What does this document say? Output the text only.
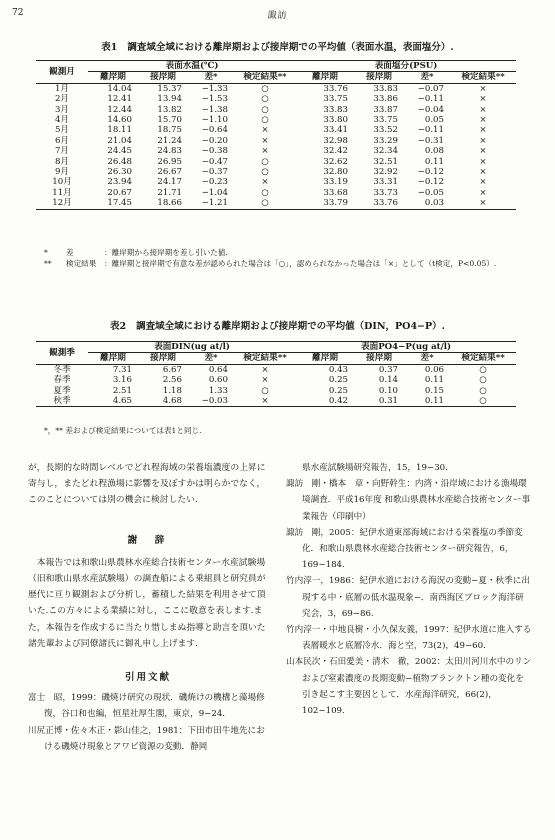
72	諏訪
表1 調査域全域における離岸期および接岸期での平均値（表面水温，表面塩分）.
観測月	表面水温(℃)				表面塩分(PSU)			
	離岸期	接岸期	差*	検定結果**	離岸期	接岸期	差*	検定結果**
1月	14.04	15.37	−1.33	○	33.76	33.83	−0.07	×
2月	12.41	13.94	−1.53	○	33.75	33.86	−0.11	×
3月	12.44	13.82	−1.38	○	33.83	33.87	−0.04	×
4月	14.60	15.70	−1.10	○	33.80	33.75	0.05	×
5月	18.11	18.75	−0.64	×	33.41	33.52	−0.11	×
6月	21.04	21.24	−0.20	×	32.98	33.29	−0.31	×
7月	24.45	24.83	−0.38	×	32.42	32.34	0.08	×
8月	26.48	26.95	−0.47	○	32.62	32.51	0.11	×
9月	26.30	26.67	−0.37	○	32.80	32.92	−0.12	×
10月	23.94	24.17	−0.23	×	33.19	33.31	−0.12	×
11月	20.67	21.71	−1.04	○	33.68	33.73	−0.05	×
12月	17.45	18.66	−1.21	○	33.79	33.76	0.03	×
* 差	：離岸期から接岸期を差し引いた値.
** 検定結果 ：離岸期と接岸期で有意な差が認められた場合は「○」，認められなかった場合は「×」として（t検定，P<0.05）.
表2 調査域全域における離岸期および接岸期での平均値（DIN，PO4−P）.
観測季	表面DIN(ug at/l)				表面PO4−P(ug at/l)			
	離岸期	接岸期	差*	検定結果**	離岸期	接岸期	差*	検定結果**
冬季	7.31	6.67	0.64	×	0.43	0.37	0.06	○
春季	3.16	2.56	0.60	×	0.25	0.14	0.11	○
夏季	2.51	1.18	1.33	○	0.25	0.10	0.15	○
秋季	4.65	4.68	−0.03	×	0.42	0.31	0.11	○
*，** 差および検定結果については表1と同じ.

が，長期的な時間レベルでどれ程海域の栄養塩濃度の上昇に寄与し，またどれ程漁場に影響を及ぼすかは明らかでなく，このことについては別の機会に検討したい.

謝　辞

本報告では和歌山県農林水産総合技術センター水産試験場（旧和歌山県水産試験場）の調査船による乗組員と研究員が歴代に亘り観測および分析し，蓄積した結果を利用させて頂いた.この方々による業績に対し，ここに敬意を表します.また，本報告を作成するに当たり惜しまぬ指導と助言を頂いた諸先輩および同僚諸氏に御礼申し上げます.

引用文献

富士　昭，1999：磯焼け研究の現状．磯焼けの機構と藻場修復，谷口和也編，恒星社厚生閣，東京，9−24.

川尻正博・佐々木正・影山佳之，1981：下田市田牛地先における磯焼け現象とアワビ資源の変動．静岡

県水産試験場研究報告，15，19−30.

諏訪　剛・橋本　章・向野幹生：内湾・沿岸域における漁場環境調査．平成16年度 和歌山県農林水産総合技術センター事業報告（印刷中）

諏訪　剛，2005：紀伊水道東部海域における栄養塩の季節変化．和歌山県農林水産総合技術センター研究報告，6，169−184.

竹内淳一，1986：紀伊水道における海況の変動−夏・秋季に出現する中・底層の低水温現象−．南西海区ブロック海洋研究会，3，69−86.

竹内淳一・中地良樹・小久保友義，1997：紀伊水道に進入する表層暖水と底層冷水．海と空，73(2)，49−60.

山本民次・石田愛美・清木　徹，2002：太田川河川水中のリンおよび窒素濃度の長期変動−植物プランクトン種の変化を引き起こす主要因として．水産海洋研究，66(2)，102−109.
